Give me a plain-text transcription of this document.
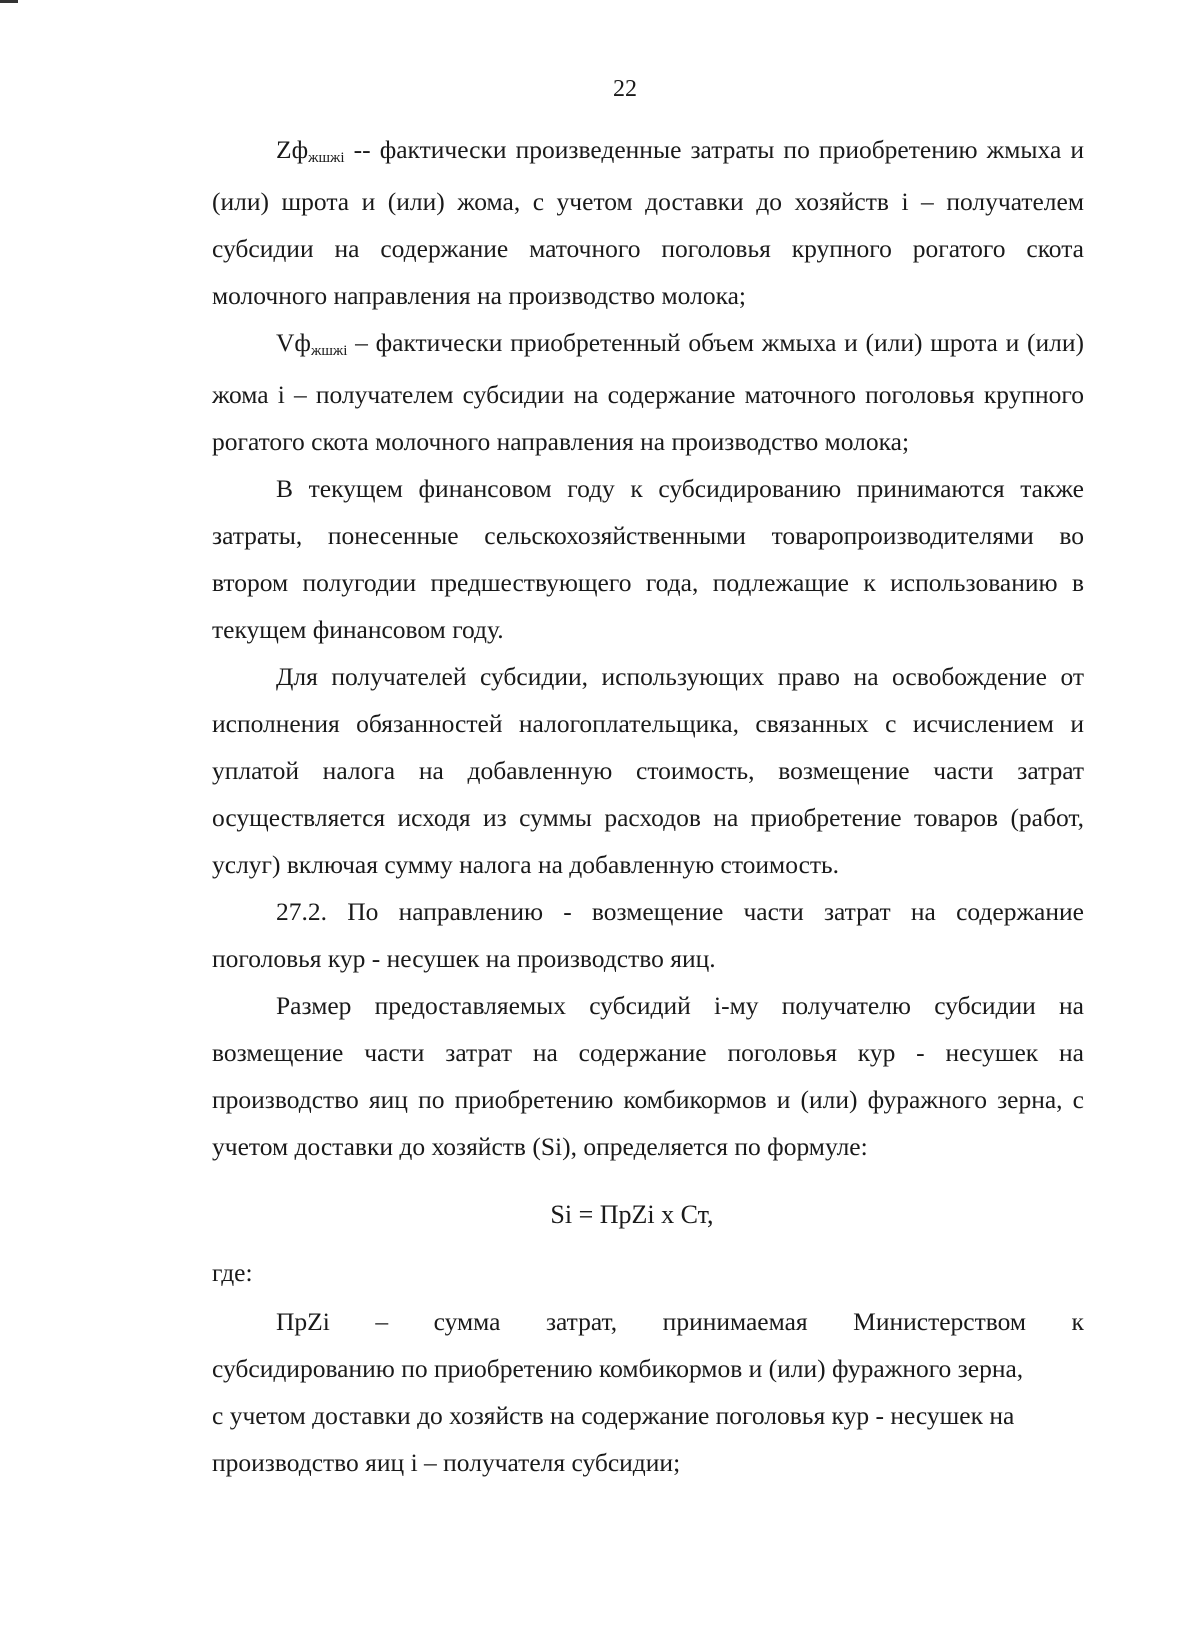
22

$Zф_{жшжi}$ -- фактически произведенные затраты по приобретению жмыха и (или) шрота и (или) жома, с учетом доставки до хозяйств i – получателем субсидии на содержание маточного поголовья крупного рогатого скота молочного направления на производство молока;

$Vф_{жшжi}$ – фактически приобретенный объем жмыха и (или) шрота и (или) жома i – получателем субсидии на содержание маточного поголовья крупного рогатого скота молочного направления на производство молока;

В текущем финансовом году к субсидированию принимаются также затраты, понесенные сельскохозяйственными товаропроизводителями во втором полугодии предшествующего года, подлежащие к использованию в текущем финансовом году.

Для получателей субсидии, использующих право на освобождение от исполнения обязанностей налогоплательщика, связанных с исчислением и уплатой налога на добавленную стоимость, возмещение части затрат осуществляется исходя из суммы расходов на приобретение товаров (работ, услуг) включая сумму налога на добавленную стоимость.

27.2. По направлению - возмещение части затрат на содержание поголовья кур - несушек на производство яиц.

Размер предоставляемых субсидий i-му получателю субсидии на возмещение части затрат на содержание поголовья кур - несушек на производство яиц по приобретению комбикормов и (или) фуражного зерна, с учетом доставки до хозяйств (Si), определяется по формуле:

Si = ПрZi х Ст,
где:
ПрZi – сумма затрат, принимаемая Министерством к
субсидированию по приобретению комбикормов и (или) фуражного зерна,
с учетом доставки до хозяйств на содержание поголовья кур - несушек на
производство яиц i – получателя субсидии;
